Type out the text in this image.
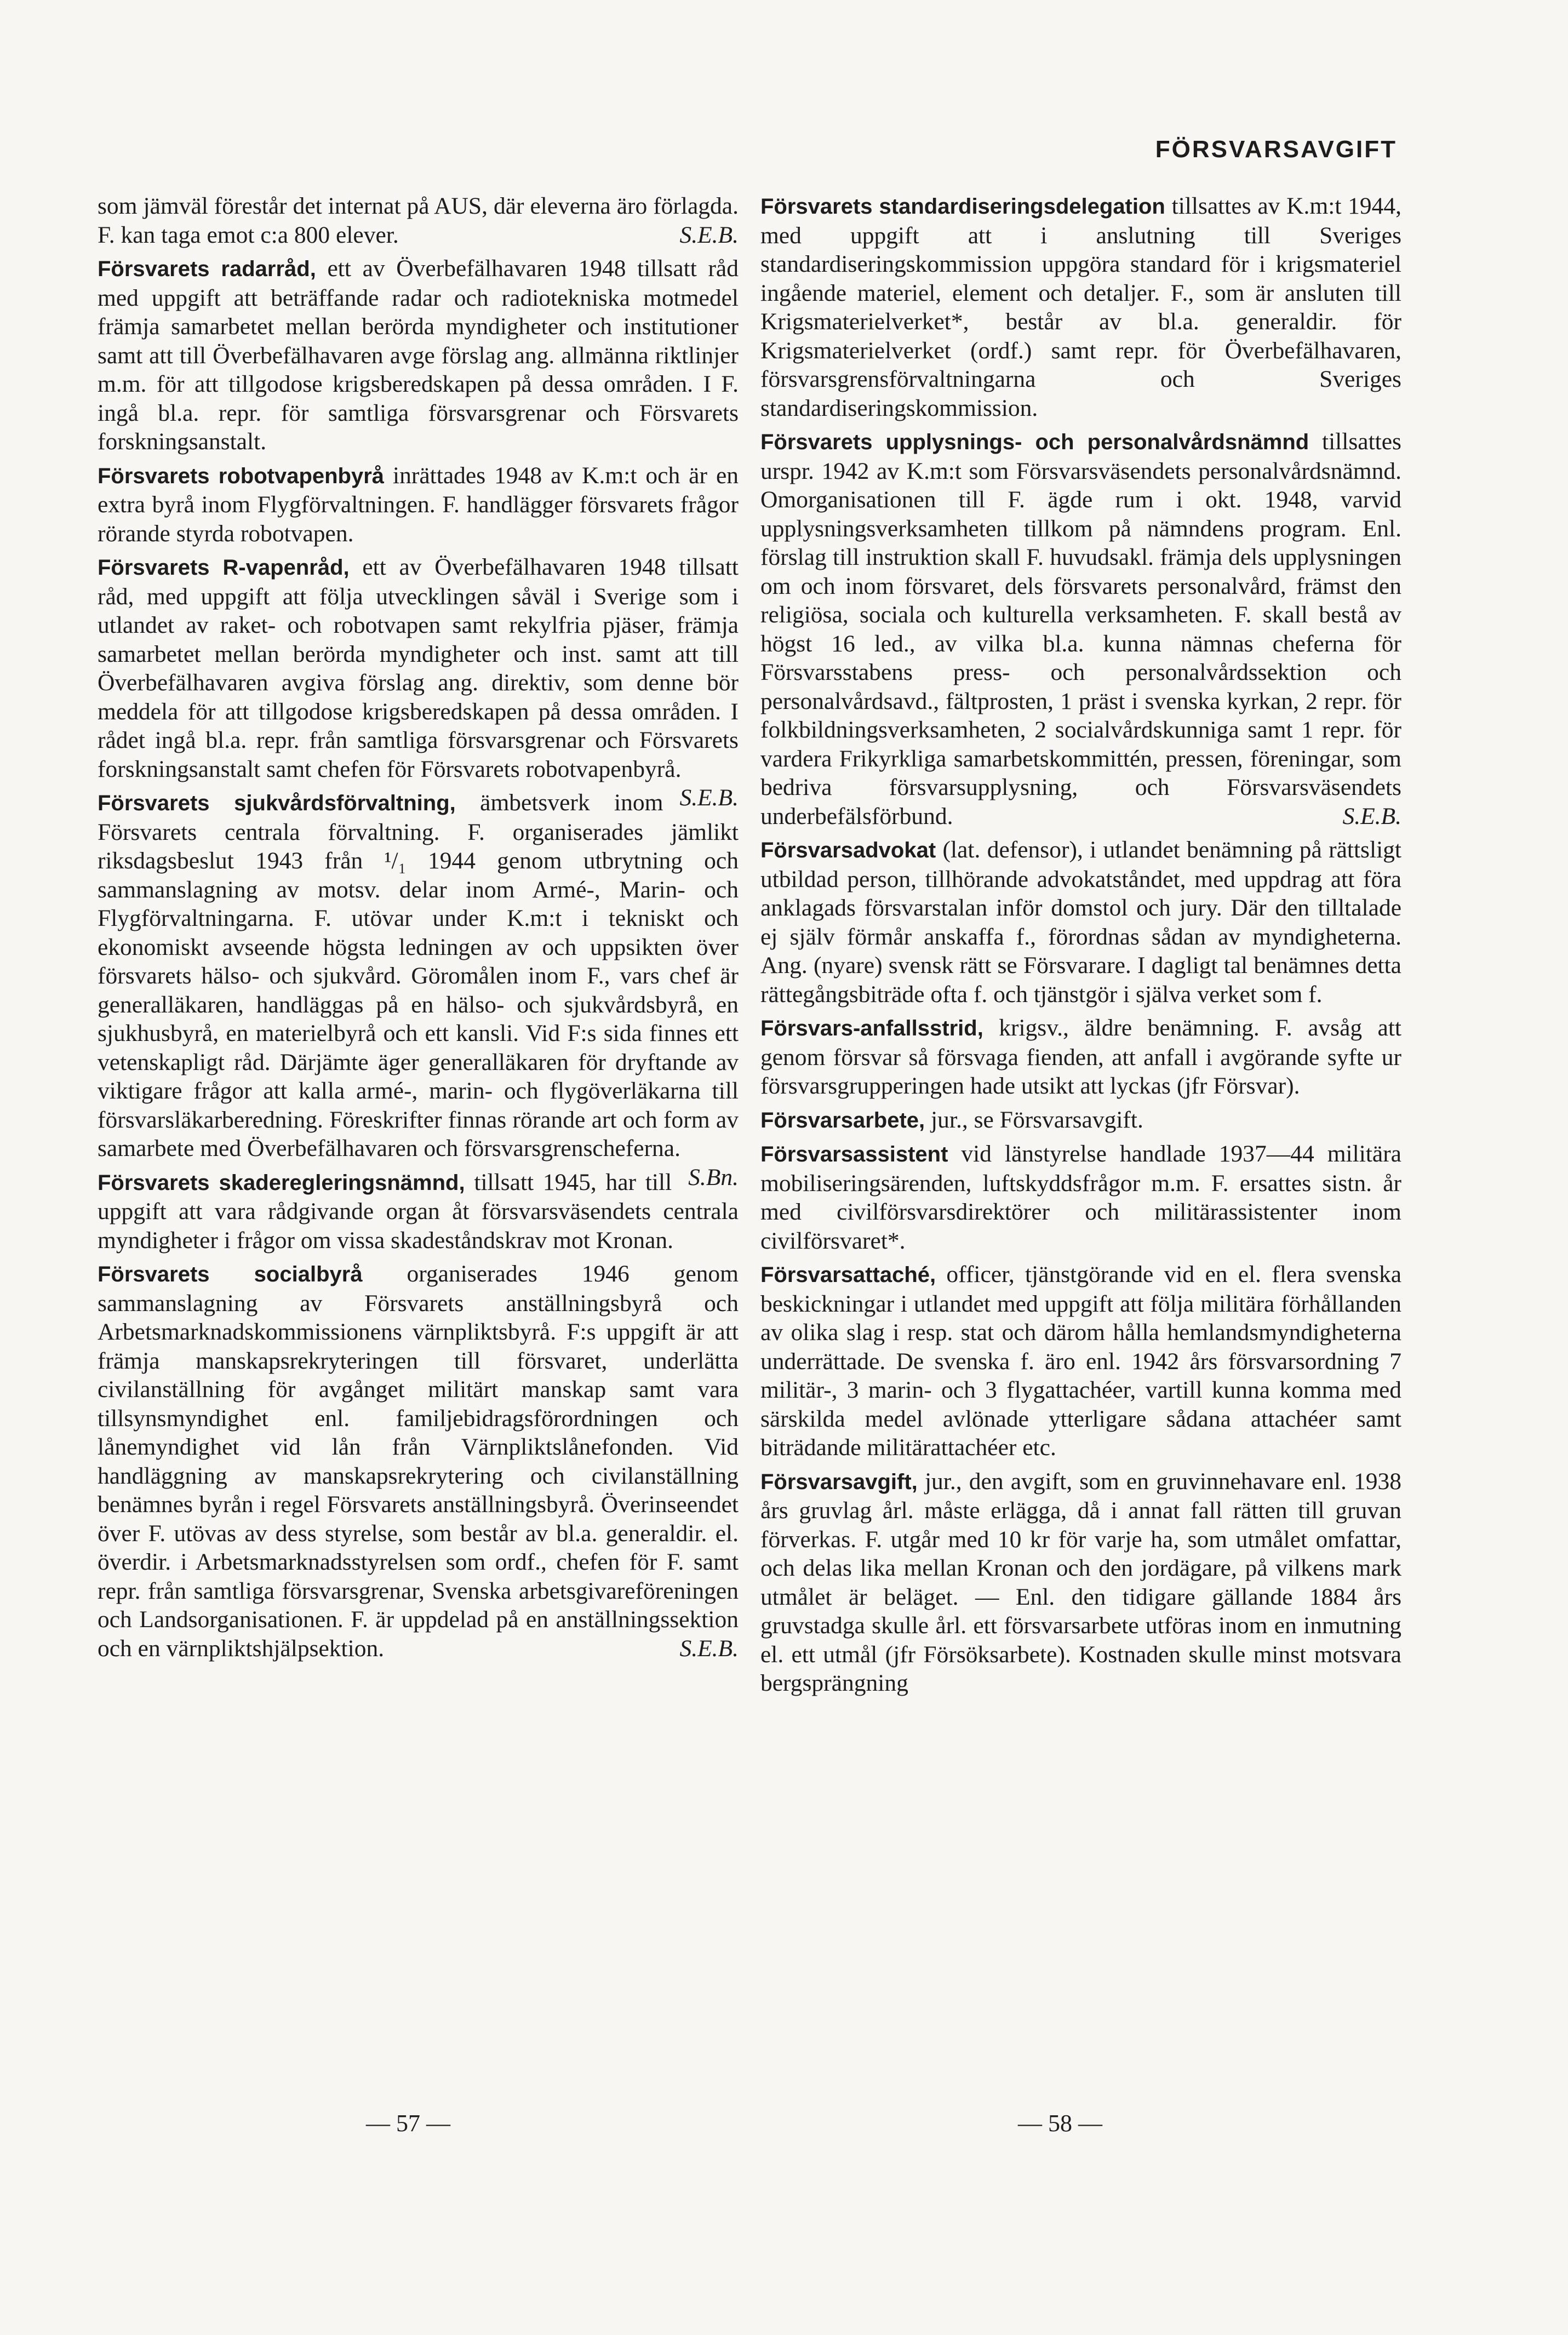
FÖRSVARSAVGIFT

som jämväl förestår det internat på AUS, där eleverna äro förlagda. F. kan taga emot c:a 800 elever.	S.E.B.

Försvarets radarråd, ett av Överbefälhavaren 1948 tillsatt råd med uppgift att beträffande radar och radiotekniska motmedel främja samarbetet mellan berörda myndigheter och institutioner samt att till Överbefälhavaren avge förslag ang. allmänna riktlinjer m.m. för att tillgodose krigsberedskapen på dessa områden. I F. ingå bl.a. repr. för samtliga försvarsgrenar och Försvarets forskningsanstalt.

Försvarets robotvapenbyrå inrättades 1948 av K.m:t och är en extra byrå inom Flygförvaltningen. F. handlägger försvarets frågor rörande styrda robotvapen.

Försvarets R-vapenråd, ett av Överbefälhavaren 1948 tillsatt råd, med uppgift att följa utvecklingen såväl i Sverige som i utlandet av raket- och robotvapen samt rekylfria pjäser, främja samarbetet mellan berörda myndigheter och inst. samt att till Överbefälhavaren avgiva förslag ang. direktiv, som denne bör meddela för att tillgodose krigsberedskapen på dessa områden. I rådet ingå bl.a. repr. från samtliga försvarsgrenar och Försvarets forskningsanstalt samt chefen för Försvarets robotvapenbyrå.
S.E.B.

Försvarets sjukvårdsförvaltning, ämbetsverk inom Försvarets centrala förvaltning. F. organiserades jämlikt riksdagsbeslut 1943 från ¹/₁ 1944 genom utbrytning och sammanslagning av motsv. delar inom Armé-, Marin- och Flygförvaltningarna. F. utövar under K.m:t i tekniskt och ekonomiskt avseende högsta ledningen av och uppsikten över försvarets hälso- och sjukvård. Göromålen inom F., vars chef är generalläkaren, handläggas på en hälso- och sjukvårdsbyrå, en sjukhusbyrå, en materielbyrå och ett kansli. Vid F:s sida finnes ett vetenskapligt råd. Därjämte äger generalläkaren för dryftande av viktigare frågor att kalla armé-, marin- och flygöverläkarna till försvarsläkarberedning. Föreskrifter finnas rörande art och form av samarbete med Överbefälhavaren och försvarsgrenscheferna.
S.Bn.

Försvarets skaderegleringsnämnd, tillsatt 1945, har till uppgift att vara rådgivande organ åt försvarsväsendets centrala myndigheter i frågor om vissa skadeståndskrav mot Kronan.

Försvarets socialbyrå organiserades 1946 genom sammanslagning av Försvarets anställningsbyrå och Arbetsmarknadskommissionens värnpliktsbyrå. F:s uppgift är att främja manskapsrekryteringen till försvaret, underlätta civilanställning för avgånget militärt manskap samt vara tillsynsmyndighet enl. familjebidragsförordningen och lånemyndighet vid lån från Värnpliktslånefonden. Vid handläggning av manskapsrekrytering och civilanställning benämnes byrån i regel Försvarets anställningsbyrå. Överinseendet över F. utövas av dess styrelse, som består av bl.a. generaldir. el. överdir. i Arbetsmarknadsstyrelsen som ordf., chefen för F. samt repr. från samtliga försvarsgrenar, Svenska arbetsgivareföreningen och Landsorganisationen. F. är uppdelad på en anställningssektion och en värnpliktshjälpsektion.	S.E.B.

Försvarets standardiseringsdelegation tillsattes av K.m:t 1944, med uppgift att i anslutning till Sveriges standardiseringskommission uppgöra standard för i krigsmateriel ingående materiel, element och detaljer. F., som är ansluten till Krigsmaterielverket*, består av bl.a. generaldir. för Krigsmaterielverket (ordf.) samt repr. för Överbefälhavaren, försvarsgrensförvaltningarna och Sveriges standardiseringskommission.

Försvarets upplysnings- och personalvårdsnämnd tillsattes urspr. 1942 av K.m:t som Försvarsväsendets personalvårdsnämnd. Omorganisationen till F. ägde rum i okt. 1948, varvid upplysningsverksamheten tillkom på nämndens program. Enl. förslag till instruktion skall F. huvudsakl. främja dels upplysningen om och inom försvaret, dels försvarets personalvård, främst den religiösa, sociala och kulturella verksamheten. F. skall bestå av högst 16 led., av vilka bl.a. kunna nämnas cheferna för Försvarsstabens press- och personalvårdssektion och personalvårdsavd., fältprosten, 1 präst i svenska kyrkan, 2 repr. för folkbildningsverksamheten, 2 socialvårdskunniga samt 1 repr. för vardera Frikyrkliga samarbetskommittén, pressen, föreningar, som bedriva försvarsupplysning, och Försvarsväsendets underbefälsförbund.	S.E.B.

Försvarsadvokat (lat. defensor), i utlandet benämning på rättsligt utbildad person, tillhörande advokatståndet, med uppdrag att föra anklagads försvarstalan inför domstol och jury. Där den tilltalade ej själv förmår anskaffa f., förordnas sådan av myndigheterna. Ang. (nyare) svensk rätt se Försvarare. I dagligt tal benämnes detta rättegångsbiträde ofta f. och tjänstgör i själva verket som f.

Försvars-anfallsstrid, krigsv., äldre benämning. F. avsåg att genom försvar så försvaga fienden, att anfall i avgörande syfte ur försvarsgrupperingen hade utsikt att lyckas (jfr Försvar).

Försvarsarbete, jur., se Försvarsavgift.

Försvarsassistent vid länstyrelse handlade 1937—44 militära mobiliseringsärenden, luftskyddsfrågor m.m. F. ersattes sistn. år med civilförsvarsdirektörer och militärassistenter inom civilförsvaret*.

Försvarsattaché, officer, tjänstgörande vid en el. flera svenska beskickningar i utlandet med uppgift att följa militära förhållanden av olika slag i resp. stat och därom hålla hemlandsmyndigheterna underrättade. De svenska f. äro enl. 1942 års försvarsordning 7 militär-, 3 marin- och 3 flygattachéer, vartill kunna komma med särskilda medel avlönade ytterligare sådana attachéer samt biträdande militärattachéer etc.

Försvarsavgift, jur., den avgift, som en gruvinnehavare enl. 1938 års gruvlag årl. måste erlägga, då i annat fall rätten till gruvan förverkas. F. utgår med 10 kr för varje ha, som utmålet omfattar, och delas lika mellan Kronan och den jordägare, på vilkens mark utmålet är beläget. — Enl. den tidigare gällande 1884 års gruvstadga skulle årl. ett försvarsarbete utföras inom en inmutning el. ett utmål (jfr Försöksarbete). Kostnaden skulle minst motsvara bergsprängning

— 57 —	— 58 —
